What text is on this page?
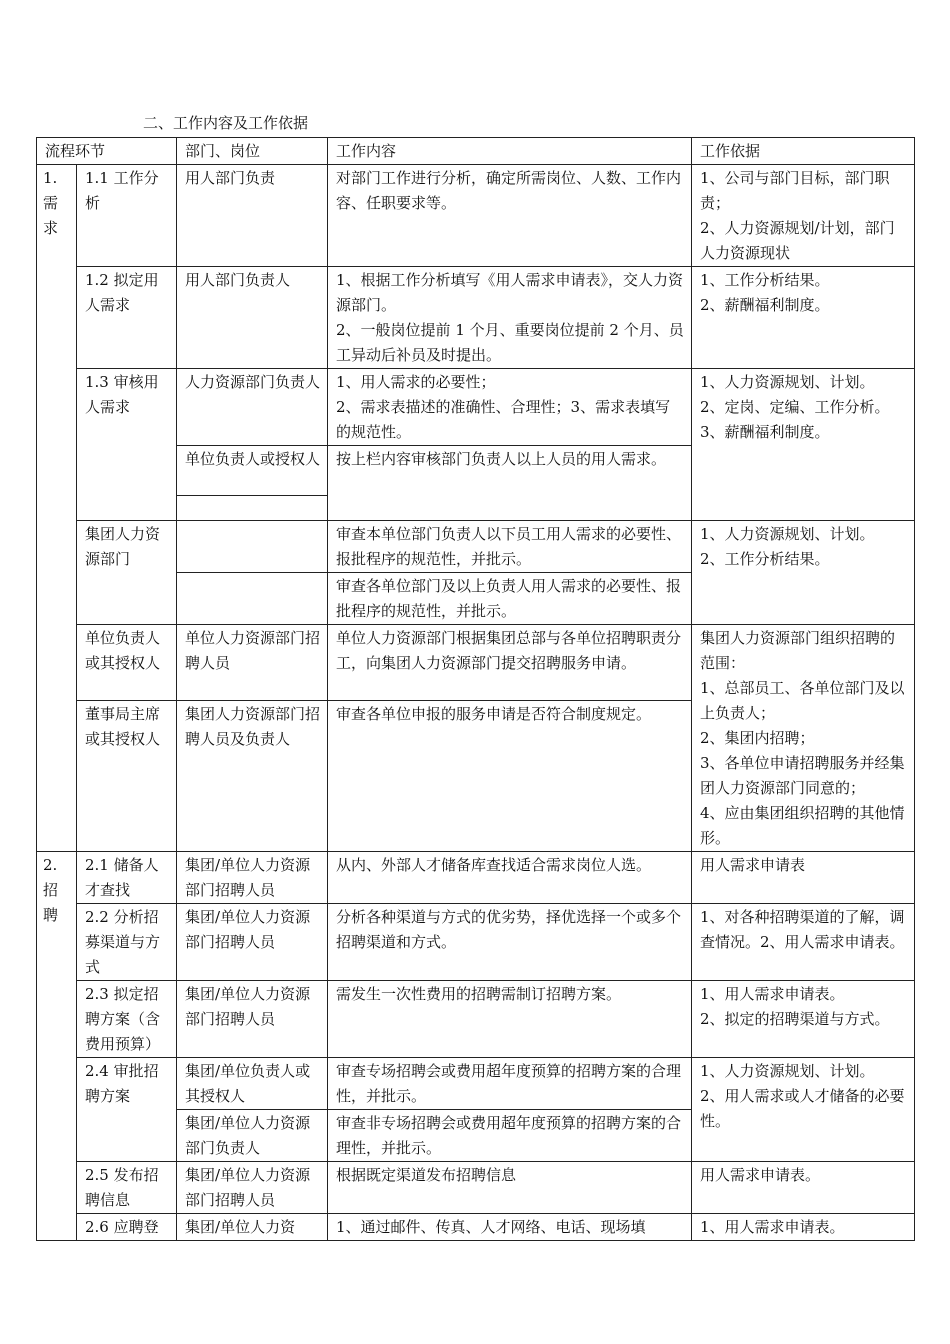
二、工作内容及工作依据
流程环节		部门、岗位	工作内容	工作依据

1.
需
求	1.1 工作分析	用人部门负责	对部门工作进行分析，确定所需岗位、人数、工作内容、任职要求等。	1、公司与部门目标，部门职责；
2、人力资源规划/计划，部门人力资源现状

	1.2 拟定用人需求	用人部门负责人	1、根据工作分析填写《用人需求申请表》，交人力资源部门。
2、一般岗位提前 1 个月、重要岗位提前 2 个月、员工异动后补员及时提出。	1、工作分析结果。
2、薪酬福利制度。

	1.3 审核用人需求	人力资源部门负责人	1、用人需求的必要性；
2、需求表描述的准确性、合理性；3、需求表填写的规范性。	1、人力资源规划、计划。
2、定岗、定编、工作分析。
3、薪酬福利制度。

		单位负责人或授权人	按上栏内容审核部门负责人以上人员的用人需求。	

	集团人力资源部门		审查本单位部门负责人以下员工用人需求的必要性、报批程序的规范性，并批示。	1、人力资源规划、计划。
2、工作分析结果。

			审查各单位部门及以上负责人用人需求的必要性、报批程序的规范性，并批示。	
	单位负责人或其授权人	单位人力资源部门招聘人员	单位人力资源部门根据集团总部与各单位招聘职责分工，向集团人力资源部门提交招聘服务申请。	集团人力资源部门组织招聘的范围：
1、总部员工、各单位部门及以上负责人；
2、集团内招聘；
3、各单位申请招聘服务并经集团人力资源部门同意的；
4、应由集团组织招聘的其他情形。

	董事局主席或其授权人	集团人力资源部门招聘人员及负责人	审查各单位申报的服务申请是否符合制度规定。	

2.
招
聘	2.1 储备人才查找	集团/单位人力资源部门招聘人员	从内、外部人才储备库查找适合需求岗位人选。	用人需求申请表
	2.2 分析招募渠道与方式	集团/单位人力资源部门招聘人员	分析各种渠道与方式的优劣势，择优选择一个或多个招聘渠道和方式。	1、对各种招聘渠道的了解，调查情况。2、用人需求申请表。
	2.3 拟定招聘方案（含费用预算）	集团/单位人力资源部门招聘人员	需发生一次性费用的招聘需制订招聘方案。	1、用人需求申请表。
2、拟定的招聘渠道与方式。

	2.4 审批招聘方案	集团/单位负责人或其授权人	审查专场招聘会或费用超年度预算的招聘方案的合理性，并批示。	1、人力资源规划、计划。
2、用人需求或人才储备的必要性。

		集团/单位人力资源部门负责人	审查非专场招聘会或费用超年度预算的招聘方案的合理性，并批示。	
	2.5 发布招聘信息	集团/单位人力资源部门招聘人员	根据既定渠道发布招聘信息	用人需求申请表。
	2.6 应聘登	集团/单位人力资	1、通过邮件、传真、人才网络、电话、现场填	1、用人需求申请表。
